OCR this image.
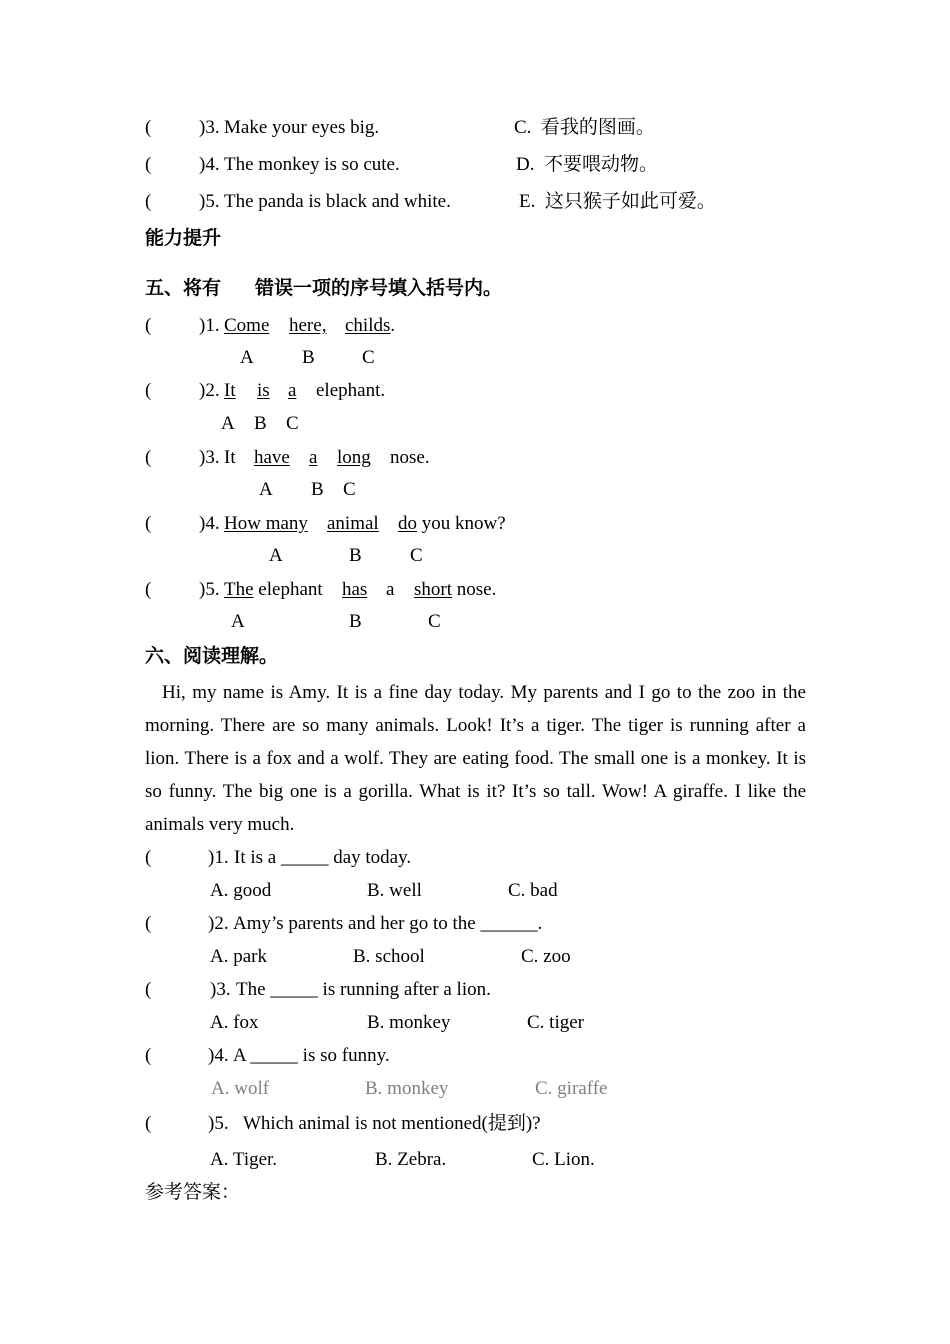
(	)3. Make your eyes big.	C.  看我的图画。
(	)4. The monkey is so cute.	D.  不要喂动物。
(	)5. The panda is black and white.	E.  这只猴子如此可爱。
能力提升
五、将有 错误一项的序号填入括号内。
(	)1. Come here, childs.
A	B C
(	)2. It is a elephant.
A B C
(	)3. It have a long nose.
A B C
(	)4. How many animal do you know?
A	B	C
(	)5. The elephant has a short nose.
A	B	C
六、阅读理解。
Hi, my name is Amy. It is a fine day today. My parents and I go to the zoo in the
morning. There are so many animals. Look! It’s a tiger. The tiger is running after a
lion. There is a fox and a wolf. They are eating food. The small one is a monkey. It is
so funny. The big one is a gorilla. What is it? It’s so tall. Wow! A giraffe. I like the
animals very much.
(	)1. It is a _____ day today.
A. good	B. well	C. bad
(	)2. Amy’s parents and her go to the ______.
A. park	B. school	C. zoo
(	)3. The _____ is running after a lion.
A. fox	B. monkey	C. tiger
(	)4. A _____ is so funny.
A. wolf	B. monkey	C. giraffe
(	)5. Which animal is not mentioned(提到)?
A. Tiger.	B. Zebra.	C. Lion.
参考答案：
